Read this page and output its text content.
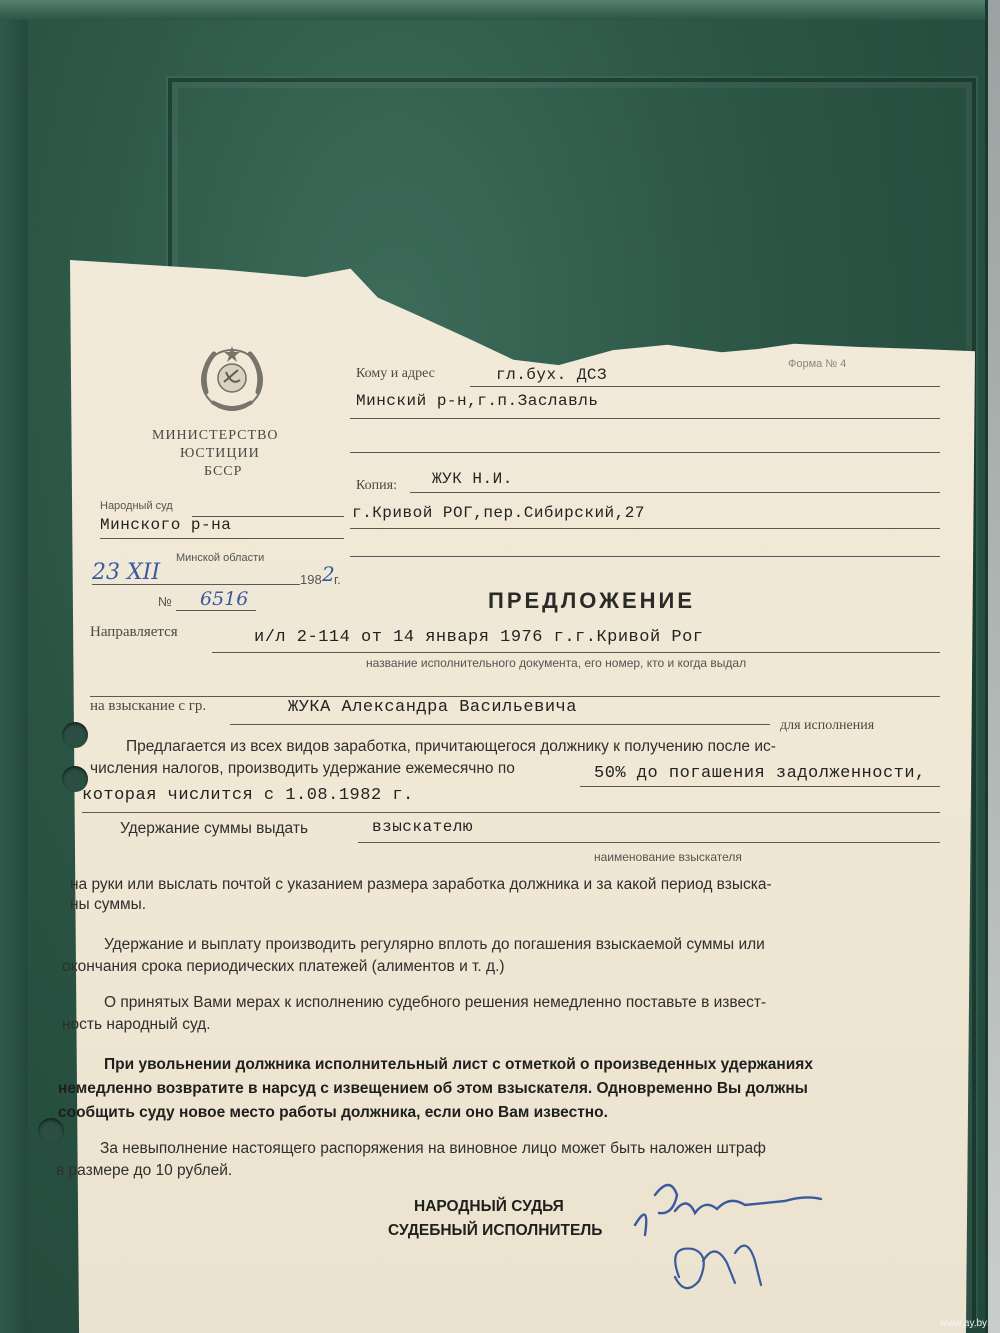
МИНИСТЕРСТВО
ЮСТИЦИИ
БССР
Народный суд
Минского р-на
Минской области
23 XII	198 2 г.
№ 6516
Форма № 4
Кому и адрес	гл.бух. ДСЗ
Минский р-н,г.п.Заславль
Копия: ЖУК Н.И.
г.Кривой РОГ,пер.Сибирский,27
ПРЕДЛОЖЕНИЕ
Направляется	и/л 2-114 от 14 января 1976 г.г.Кривой Рог
название исполнительного документа, его номер, кто и когда выдал
на взыскание с гр.	ЖУКА Александра Васильевича
для исполнения
Предлагается из всех видов заработка, причитающегося должнику к получению после ис-
числения налогов, производить удержание ежемесячно по	50% до погашения задолженности,
которая числится с 1.08.1982 г.
Удержание суммы выдать	взыскателю
наименование взыскателя
на руки или выслать почтой с указанием размера заработка должника и за какой период взыска-
ны суммы.
Удержание и выплату производить регулярно вплоть до погашения взыскаемой суммы или
окончания срока периодических платежей (алиментов и т. д.)
О принятых Вами мерах к исполнению судебного решения немедленно поставьте в извест-
ность народный суд.
При увольнении должника исполнительный лист с отметкой о произведенных удержаниях
немедленно возвратите в нарсуд с извещением об этом взыскателя. Одновременно Вы должны
сообщить суду новое место работы должника, если оно Вам известно.
За невыполнение настоящего распоряжения на виновное лицо может быть наложен штраф
в размере до 10 рублей.
НАРОДНЫЙ СУДЬЯ
СУДЕБНЫЙ ИСПОЛНИТЕЛЬ
www.ay.by
